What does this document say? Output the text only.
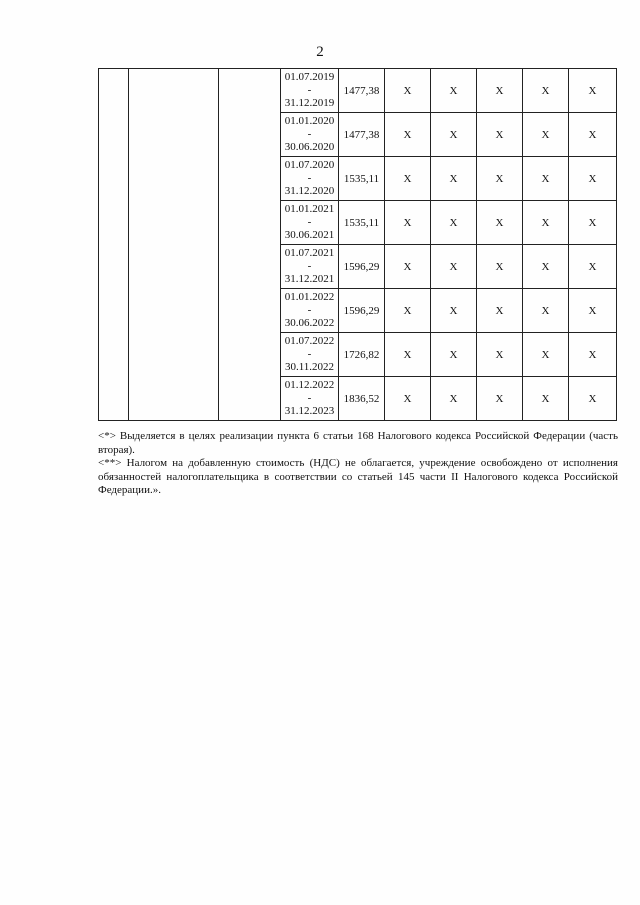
2

			01.07.2019
-
31.12.2019	1477,38	X	X	X	X	X

			01.01.2020
-
30.06.2020	1477,38	X	X	X	X	X

			01.07.2020
-
31.12.2020	1535,11	X	X	X	X	X

			01.01.2021
-
30.06.2021	1535,11	X	X	X	X	X

			01.07.2021
-
31.12.2021	1596,29	X	X	X	X	X

			01.01.2022
-
30.06.2022	1596,29	X	X	X	X	X

			01.07.2022
-
30.11.2022	1726,82	X	X	X	X	X

			01.12.2022
-
31.12.2023	1836,52	X	X	X	X	X

<*> Выделяется в целях реализации пункта 6 статьи 168 Налогового кодекса Российской Федерации (часть вторая).

<**> Налогом на добавленную стоимость (НДС) не облагается, учреждение освобождено от исполнения обязанностей налогоплательщика в соответствии со статьей 145 части II Налогового кодекса Российской Федерации.».
